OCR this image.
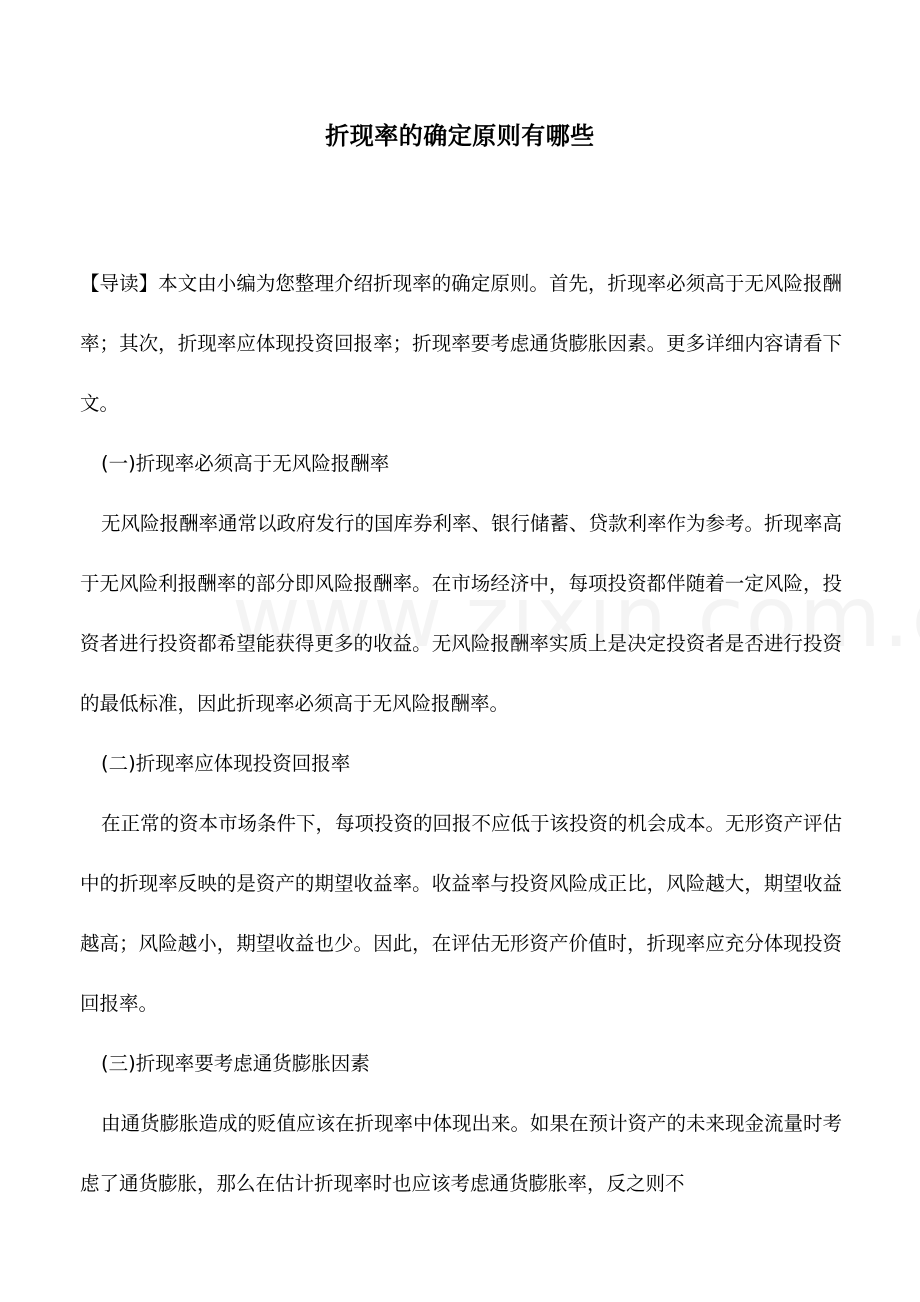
折现率的确定原则有哪些

【导读】本文由小编为您整理介绍折现率的确定原则。首先，折现率必须高于无风险报酬率；其次，折现率应体现投资回报率；折现率要考虑通货膨胀因素。更多详细内容请看下文。

(一)折现率必须高于无风险报酬率

无风险报酬率通常以政府发行的国库券利率、银行储蓄、贷款利率作为参考。折现率高于无风险利报酬率的部分即风险报酬率。在市场经济中，每项投资都伴随着一定风险，投资者进行投资都希望能获得更多的收益。无风险报酬率实质上是决定投资者是否进行投资的最低标准，因此折现率必须高于无风险报酬率。

(二)折现率应体现投资回报率

在正常的资本市场条件下，每项投资的回报不应低于该投资的机会成本。无形资产评估中的折现率反映的是资产的期望收益率。收益率与投资风险成正比，风险越大，期望收益越高；风险越小，期望收益也少。因此，在评估无形资产价值时，折现率应充分体现投资回报率。

(三)折现率要考虑通货膨胀因素

由通货膨胀造成的贬值应该在折现率中体现出来。如果在预计资产的未来现金流量时考虑了通货膨胀，那么在估计折现率时也应该考虑通货膨胀率，反之则不
